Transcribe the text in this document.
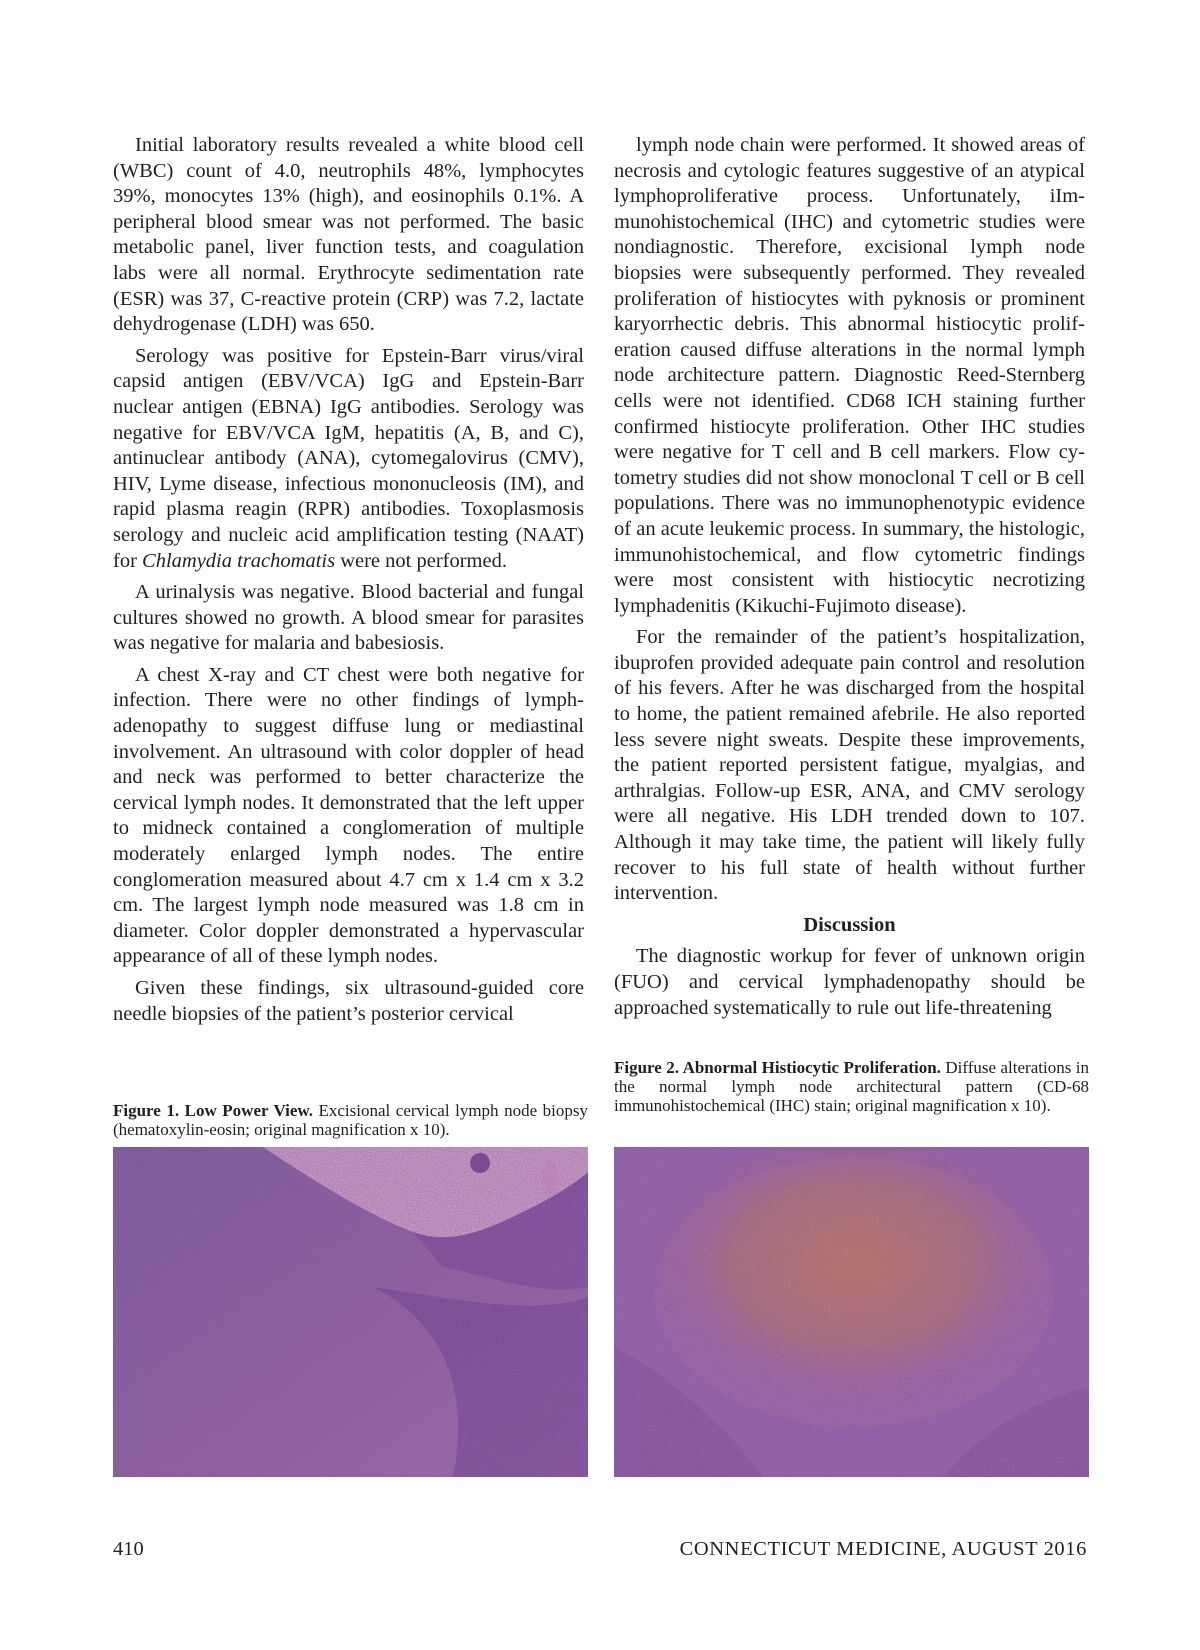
Initial laboratory results revealed a white blood cell (WBC) count of 4.0, neutrophils 48%, lymphocytes 39%, monocytes 13% (high), and eosinophils 0.1%. A peripheral blood smear was not performed. The basic metabolic panel, liver function tests, and coagulation labs were all normal. Erythrocyte sedimentation rate (ESR) was 37, C-reactive protein (CRP) was 7.2, lactate dehydrogenase (LDH) was 650.

Serology was positive for Epstein-Barr virus/viral capsid antigen (EBV/VCA) IgG and Epstein-Barr nuclear antigen (EBNA) IgG antibodies. Serology was negative for EBV/VCA IgM, hepatitis (A, B, and C), antinuclear antibody (ANA), cytomegalovirus (CMV), HIV, Lyme disease, infectious mononucleosis (IM), and rapid plasma reagin (RPR) antibodies. Toxoplasmosis serology and nucleic acid amplification testing (NAAT) for Chlamydia trachomatis were not performed.

A urinalysis was negative. Blood bacterial and fungal cultures showed no growth. A blood smear for parasites was negative for malaria and babesiosis.

A chest X-ray and CT chest were both negative for infection. There were no other findings of lymphadenopathy to suggest diffuse lung or mediastinal involvement. An ultrasound with color doppler of head and neck was performed to better characterize the cervical lymph nodes. It demonstrated that the left upper to midneck contained a conglomeration of multiple moderately enlarged lymph nodes. The entire conglomeration measured about 4.7 cm x 1.4 cm x 3.2 cm. The largest lymph node measured was 1.8 cm in diameter. Color doppler demonstrated a hypervascular appearance of all of these lymph nodes.

Given these findings, six ultrasound-guided core needle biopsies of the patient’s posterior cervical

lymph node chain were performed. It showed areas of necrosis and cytologic features suggestive of an atypical lymphoproliferative process. Unfortunately, iImmunohistochemical (IHC) and cytometric studies were nondiagnostic. Therefore, excisional lymph node biopsies were subsequently performed. They revealed proliferation of histiocytes with pyknosis or prominent karyorrhectic debris. This abnormal histiocytic proliferation caused diffuse alterations in the normal lymph node architecture pattern. Diagnostic Reed-Sternberg cells were not identified. CD68 ICH staining further confirmed histiocyte proliferation. Other IHC studies were negative for T cell and B cell markers. Flow cytometry studies did not show monoclonal T cell or B cell populations. There was no immunophenotypic evidence of an acute leukemic process. In summary, the histologic, immunohistochemical, and flow cytometric findings were most consistent with histiocytic necrotizing lymphadenitis (Kikuchi-Fujimoto disease).

For the remainder of the patient’s hospitalization, ibuprofen provided adequate pain control and resolution of his fevers. After he was discharged from the hospital to home, the patient remained afebrile. He also reported less severe night sweats. Despite these improvements, the patient reported persistent fatigue, myalgias, and arthralgias. Follow-up ESR, ANA, and CMV serology were all negative. His LDH trended down to 107. Although it may take time, the patient will likely fully recover to his full state of health without further intervention.

Discussion

The diagnostic workup for fever of unknown origin (FUO) and cervical lymphadenopathy should be approached systematically to rule out life-threatening

Figure 1. Low Power View. Excisional cervical lymph node biopsy (hematoxylin-eosin; original magnification x 10).
Figure 2. Abnormal Histiocytic Proliferation. Diffuse alterations in the normal lymph node architectural pattern (CD-68 immunohistochemical (IHC) stain; original magnification x 10).
410	CONNECTICUT MEDICINE, AUGUST 2016
